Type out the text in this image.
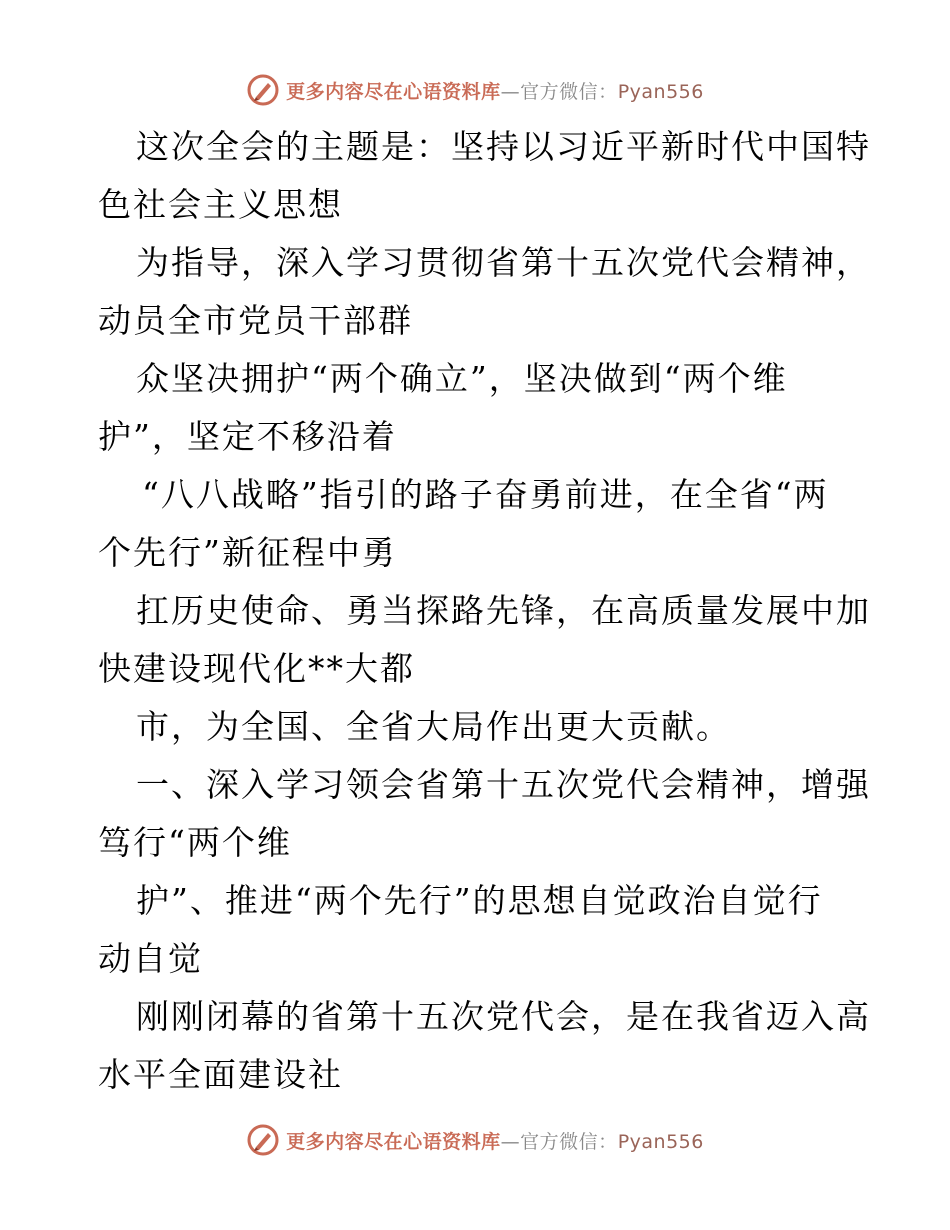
更多内容尽在心语资料库—官方微信：Pyan556
这次全会的主题是：坚持以习近平新时代中国特
色社会主义思想
为指导，深入学习贯彻省第十五次党代会精神，
动员全市党员干部群
众坚决拥护“两个确立”，坚决做到“两个维
护”，坚定不移沿着
“八八战略”指引的路子奋勇前进，在全省“两
个先行”新征程中勇
扛历史使命、勇当探路先锋，在高质量发展中加
快建设现代化**大都
市，为全国、全省大局作出更大贡献。
一、深入学习领会省第十五次党代会精神，增强
笃行“两个维
护”、推进“两个先行”的思想自觉政治自觉行
动自觉
刚刚闭幕的省第十五次党代会，是在我省迈入高
水平全面建设社
更多内容尽在心语资料库—官方微信：Pyan556
